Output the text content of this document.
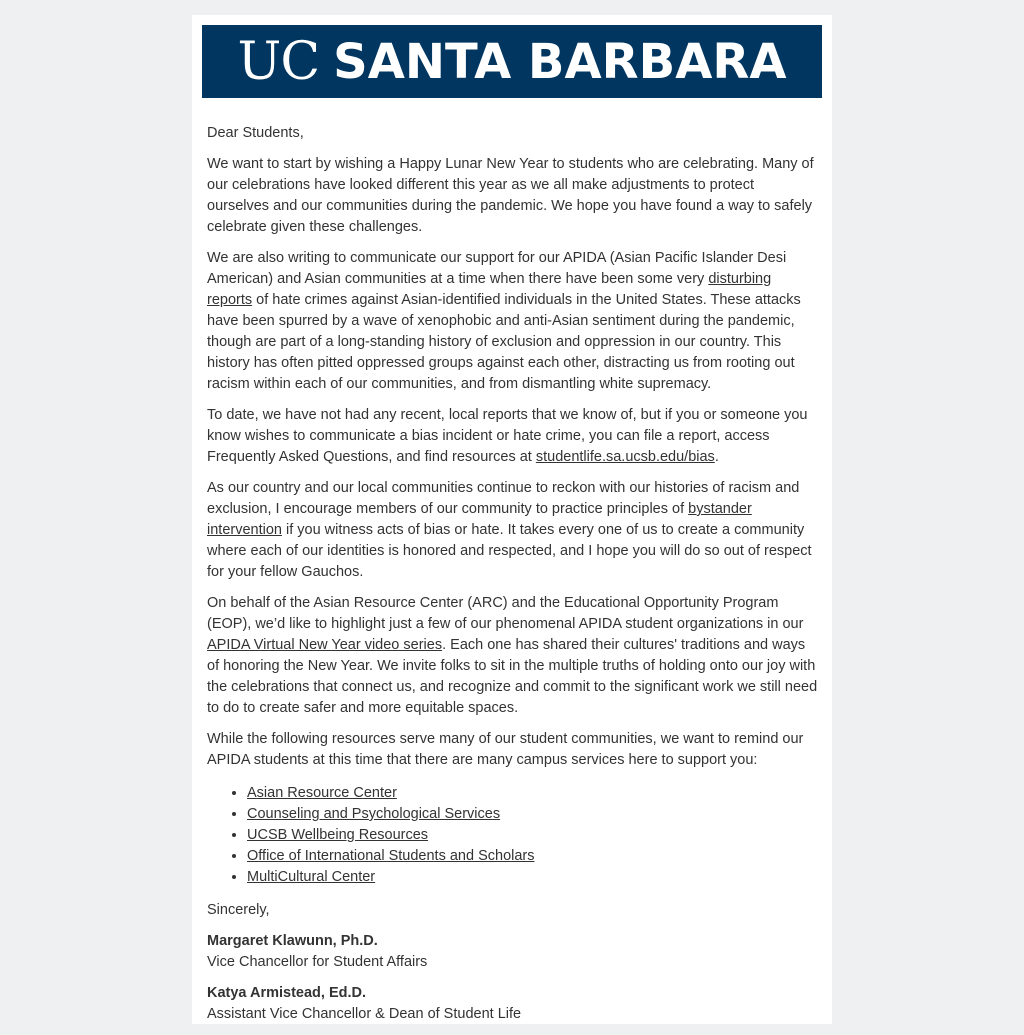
UC SANTA BARBARA

Dear Students,

We want to start by wishing a Happy Lunar New Year to students who are celebrating. Many of our celebrations have looked different this year as we all make adjustments to protect ourselves and our communities during the pandemic. We hope you have found a way to safely celebrate given these challenges.

We are also writing to communicate our support for our APIDA (Asian Pacific Islander Desi American) and Asian communities at a time when there have been some very disturbing reports of hate crimes against Asian-identified individuals in the United States. These attacks have been spurred by a wave of xenophobic and anti-Asian sentiment during the pandemic, though are part of a long-standing history of exclusion and oppression in our country. This history has often pitted oppressed groups against each other, distracting us from rooting out racism within each of our communities, and from dismantling white supremacy.

To date, we have not had any recent, local reports that we know of, but if you or someone you know wishes to communicate a bias incident or hate crime, you can file a report, access Frequently Asked Questions, and find resources at studentlife.sa.ucsb.edu/bias.

As our country and our local communities continue to reckon with our histories of racism and exclusion, I encourage members of our community to practice principles of bystander intervention if you witness acts of bias or hate. It takes every one of us to create a community where each of our identities is honored and respected, and I hope you will do so out of respect for your fellow Gauchos.

On behalf of the Asian Resource Center (ARC) and the Educational Opportunity Program (EOP), we’d like to highlight just a few of our phenomenal APIDA student organizations in our APIDA Virtual New Year video series. Each one has shared their cultures' traditions and ways of honoring the New Year. We invite folks to sit in the multiple truths of holding onto our joy with the celebrations that connect us, and recognize and commit to the significant work we still need to do to create safer and more equitable spaces.

While the following resources serve many of our student communities, we want to remind our APIDA students at this time that there are many campus services here to support you:

• Asian Resource Center
• Counseling and Psychological Services
• UCSB Wellbeing Resources
• Office of International Students and Scholars
• MultiCultural Center

Sincerely,

Margaret Klawunn, Ph.D.
Vice Chancellor for Student Affairs

Katya Armistead, Ed.D.
Assistant Vice Chancellor & Dean of Student Life
